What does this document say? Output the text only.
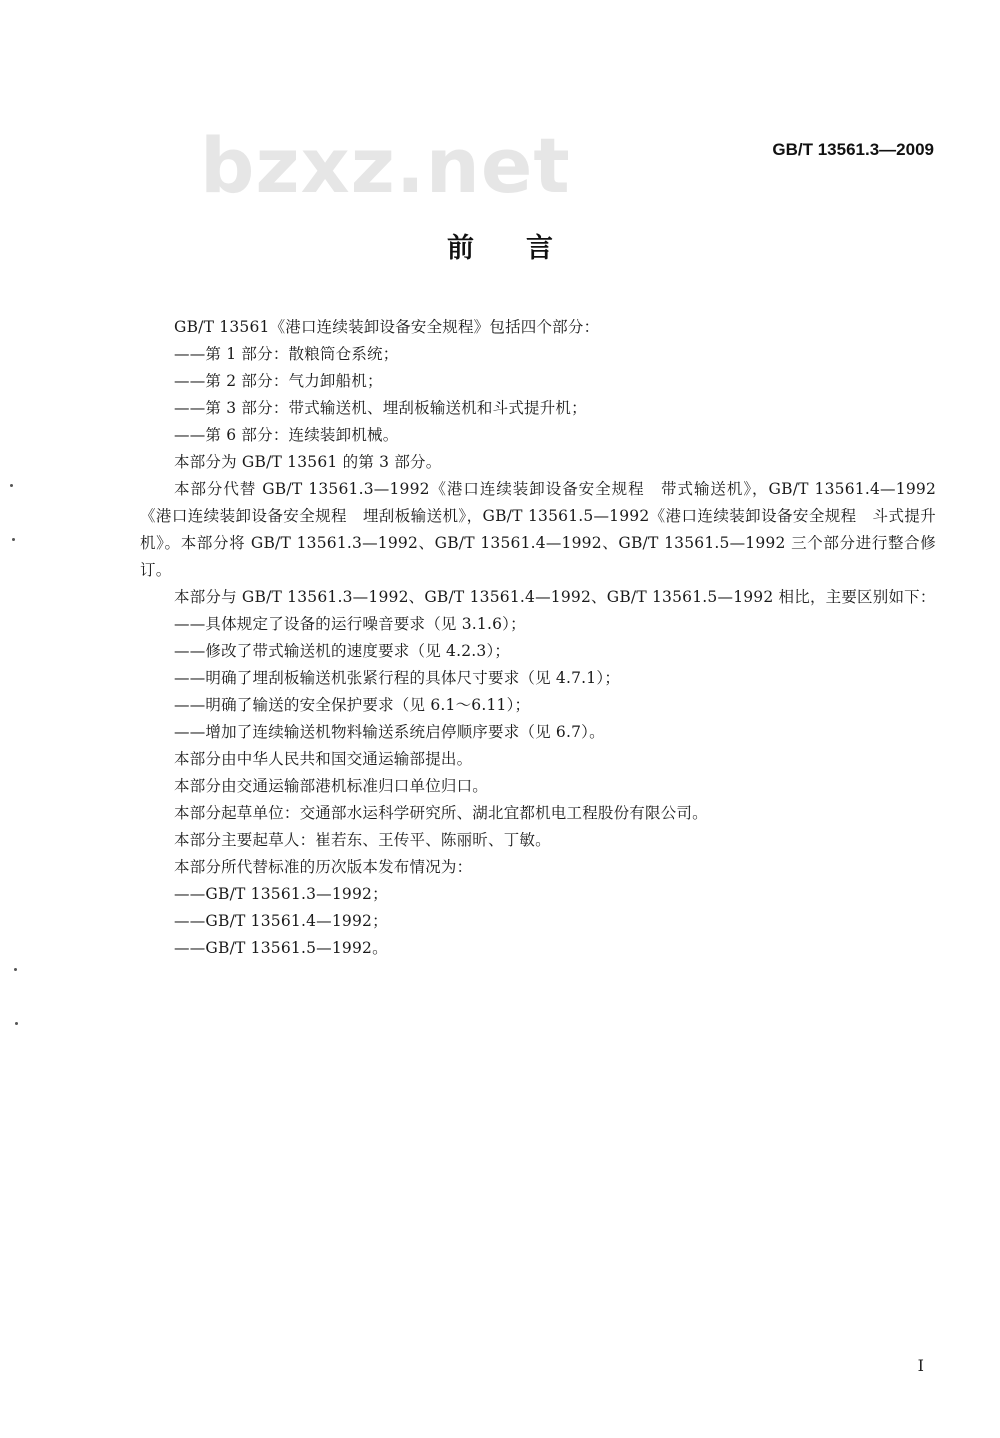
bzxz.net	GB/T 13561.3—2009
前言

GB/T 13561《港口连续装卸设备安全规程》包括四个部分：

—— 第 1 部分：散粮筒仓系统；

—— 第 2 部分：气力卸船机；

—— 第 3 部分：带式输送机、埋刮板输送机和斗式提升机；

—— 第 6 部分：连续装卸机械。

本部分为 GB/T 13561 的第 3 部分。

本部分代替 GB/T 13561.3—1992《港口连续装卸设备安全规程　带式输送机》，GB/T 13561.4—1992《港口连续装卸设备安全规程　埋刮板输送机》，GB/T 13561.5—1992《港口连续装卸设备安全规程　斗式提升机》。本部分将 GB/T 13561.3—1992、GB/T 13561.4—1992、GB/T 13561.5—1992 三个部分进行整合修订。

本部分与 GB/T 13561.3—1992、GB/T 13561.4—1992、GB/T 13561.5—1992 相比，主要区别如下：

—— 具体规定了设备的运行噪音要求（见 3.1.6）；

—— 修改了带式输送机的速度要求（见 4.2.3）；

—— 明确了埋刮板输送机张紧行程的具体尺寸要求（见 4.7.1）；

—— 明确了输送的安全保护要求（见 6.1～6.11）；

—— 增加了连续输送机物料输送系统启停顺序要求（见 6.7）。

本部分由中华人民共和国交通运输部提出。

本部分由交通运输部港机标准归口单位归口。

本部分起草单位：交通部水运科学研究所、湖北宜都机电工程股份有限公司。

本部分主要起草人：崔若东、王传平、陈丽昕、丁敏。

本部分所代替标准的历次版本发布情况为：

—— GB/T 13561.3—1992；

—— GB/T 13561.4—1992；

—— GB/T 13561.5—1992。

I
